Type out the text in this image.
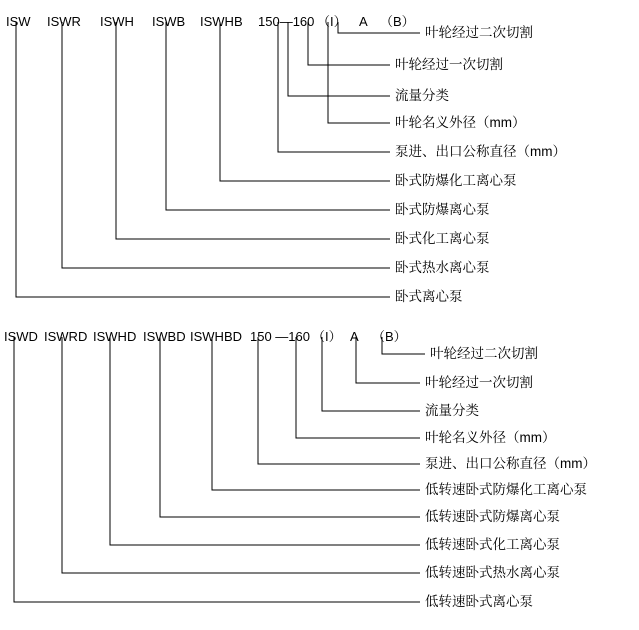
ISW ISWR ISWH ISWB ISWHB 150—160 （I） A （B）
ISWD ISWRD ISWHD ISWBD ISWHBD 150 —160 （I） A （B）
叶轮经过二次切割
叶轮经过一次切割
流量分类
叶轮名义外径（mm）
泵进、出口公称直径（mm）
卧式防爆化工离心泵
卧式防爆离心泵
卧式化工离心泵
卧式热水离心泵
卧式离心泵
叶轮经过二次切割
叶轮经过一次切割
流量分类
叶轮名义外径（mm）
泵进、出口公称直径（mm）
低转速卧式防爆化工离心泵
低转速卧式防爆离心泵
低转速卧式化工离心泵
低转速卧式热水离心泵
低转速卧式离心泵
